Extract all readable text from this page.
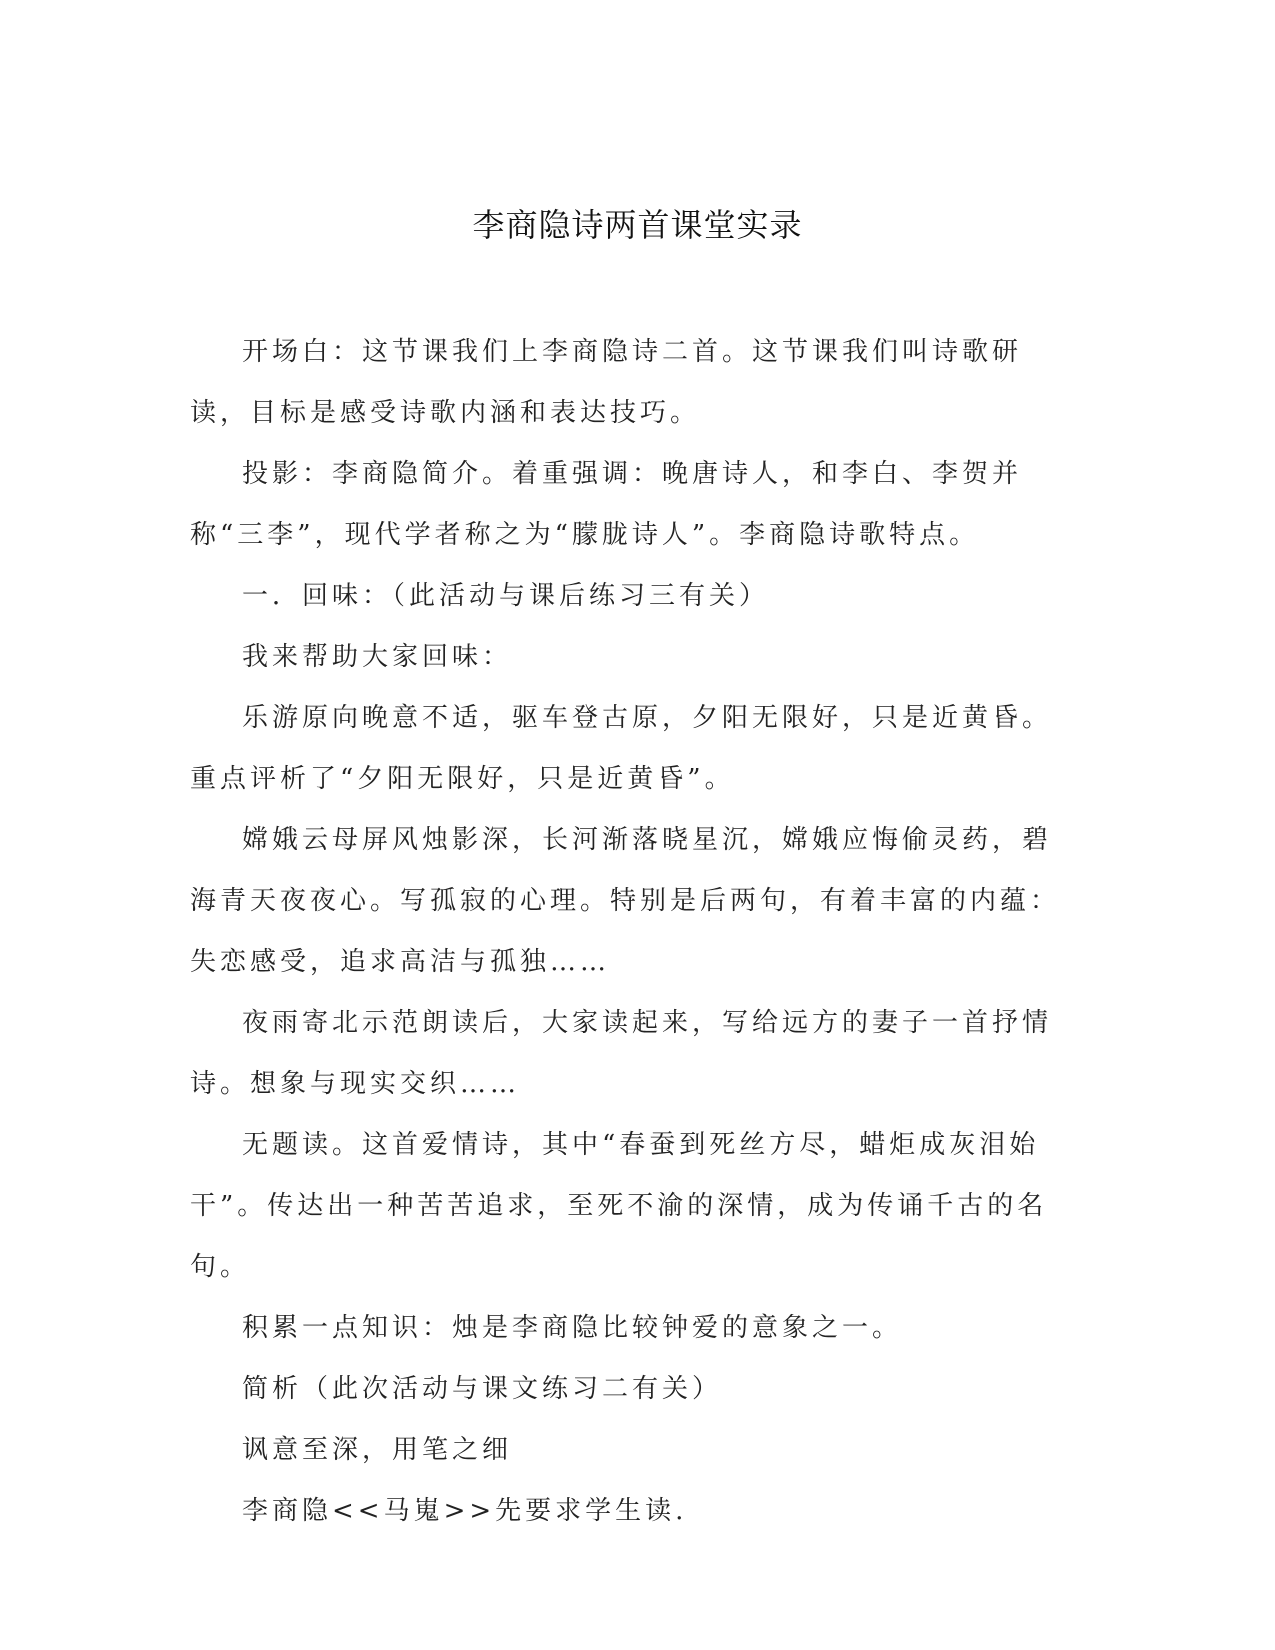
李商隐诗两首课堂实录

开场白：这节课我们上李商隐诗二首。这节课我们叫诗歌研读，目标是感受诗歌内涵和表达技巧。

投影：李商隐简介。着重强调：晚唐诗人，和李白、李贺并称“三李”，现代学者称之为“朦胧诗人”。李商隐诗歌特点。

一．回味：（此活动与课后练习三有关）

我来帮助大家回味：

乐游原向晚意不适，驱车登古原，夕阳无限好，只是近黄昏。重点评析了“夕阳无限好，只是近黄昏”。

嫦娥云母屏风烛影深，长河渐落晓星沉，嫦娥应悔偷灵药，碧海青天夜夜心。写孤寂的心理。特别是后两句，有着丰富的内蕴：失恋感受，追求高洁与孤独……

夜雨寄北示范朗读后，大家读起来，写给远方的妻子一首抒情诗。想象与现实交织……

无题读。这首爱情诗，其中“春蚕到死丝方尽，蜡炬成灰泪始干”。传达出一种苦苦追求，至死不渝的深情，成为传诵千古的名句。

积累一点知识：烛是李商隐比较钟爱的意象之一。

简析（此次活动与课文练习二有关）

讽意至深，用笔之细

李商隐<<马嵬>>先要求学生读.
